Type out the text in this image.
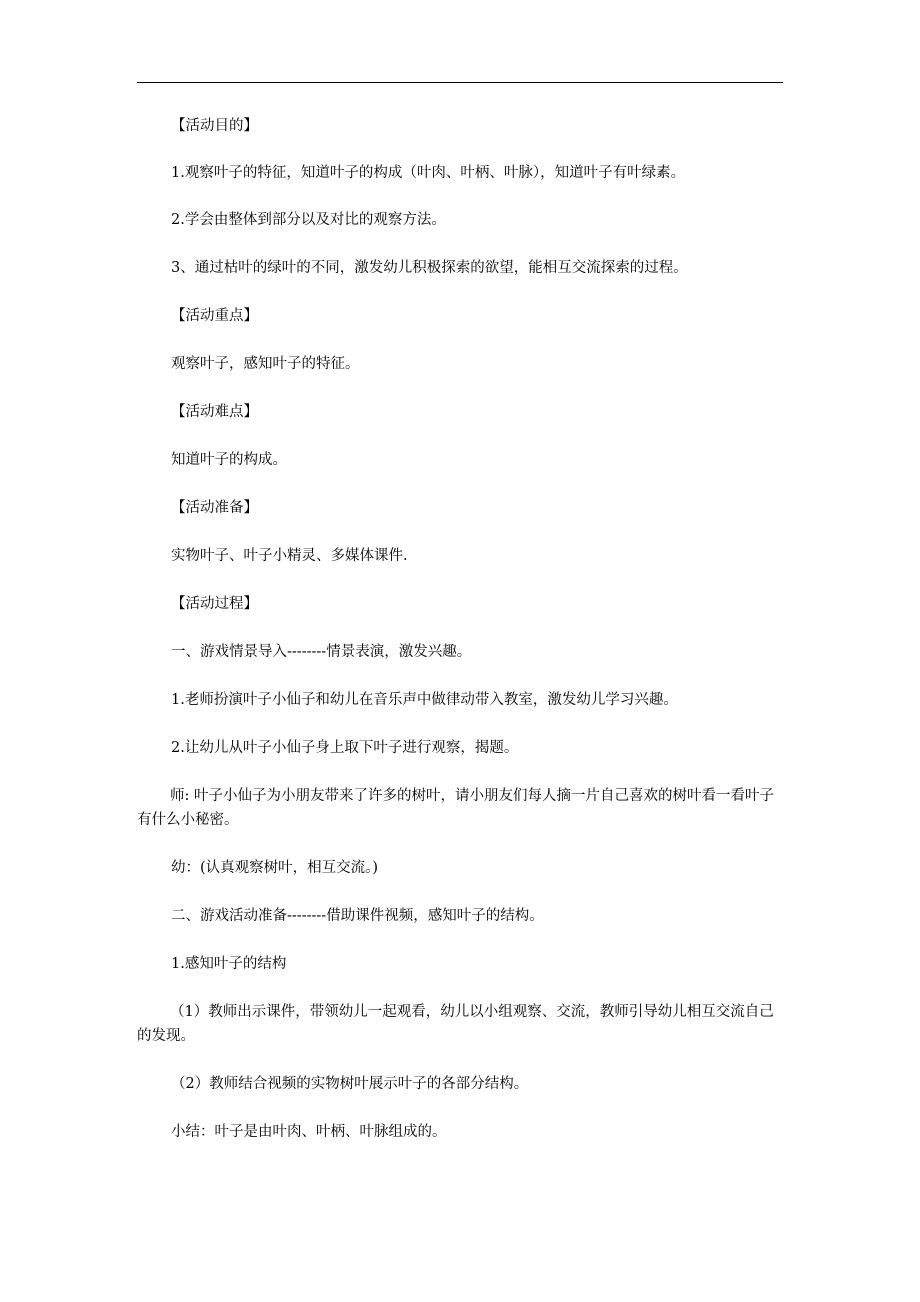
【活动目的】
1.观察叶子的特征，知道叶子的构成（叶肉、叶柄、叶脉），知道叶子有叶绿素。
2.学会由整体到部分以及对比的观察方法。
3、通过枯叶的绿叶的不同，激发幼儿积极探索的欲望，能相互交流探索的过程。
【活动重点】
观察叶子，感知叶子的特征。
【活动难点】
知道叶子的构成。
【活动准备】
实物叶子、叶子小精灵、多媒体课件.
【活动过程】
一、游戏情景导入--------情景表演，激发兴趣。
1.老师扮演叶子小仙子和幼儿在音乐声中做律动带入教室，激发幼儿学习兴趣。
2.让幼儿从叶子小仙子身上取下叶子进行观察，揭题。
师: 叶子小仙子为小朋友带来了许多的树叶，请小朋友们每人摘一片自己喜欢的树叶看一看叶子有什么小秘密。
幼：(认真观察树叶，相互交流。)
二、游戏活动准备--------借助课件视频，感知叶子的结构。
1.感知叶子的结构
（1）教师出示课件，带领幼儿一起观看，幼儿以小组观察、交流，教师引导幼儿相互交流自己的发现。
（2）教师结合视频的实物树叶展示叶子的各部分结构。
小结：叶子是由叶肉、叶柄、叶脉组成的。
